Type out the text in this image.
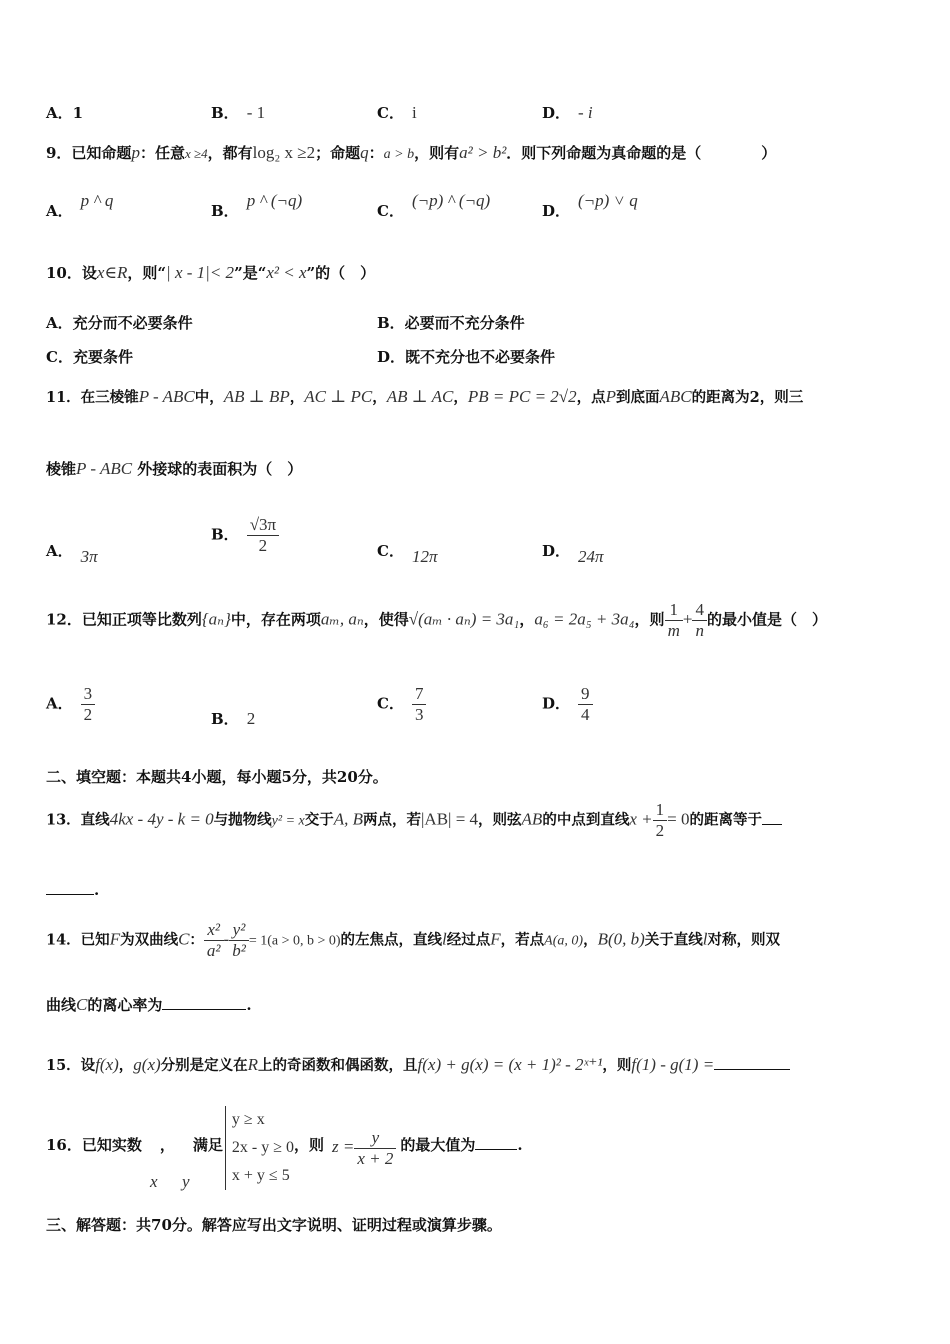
A．1	B． - 1	C． i	D． - i
9．已知命题p：任意x ≥4，都有log₂ x ≥2；命题q：a > b，则有a² > b²．则下列命题为真命题的是（　　　　）
A．p ^ q
B．p ^ (¬q)
C．(¬p) ^ (¬q)
D．(¬p) ˅ q
10．设x∈R，则“| x - 1|< 2”是“x² < x”的（　）
A．充分而不必要条件	B．必要而不充分条件
C．充要条件	D．既不充分也不必要条件
11．在三棱锥P - ABC中，AB ⊥ BP，AC ⊥ PC，AB ⊥ AC，PB = PC = 2√2，点P到底面ABC的距离为2，则三
棱锥P - ABC 外接球的表面积为（　）
A． 3π
B． $\frac{√3\pi}{2}$	C． 12π	D． 24π
12．已知正项等比数列{aₙ}中，存在两项aₘ, aₙ，使得√(aₘ · aₙ) = 3a₁，a₆ = 2a₅ + 3a₄，则 $\frac{1}{m} + \frac{4}{n}$ 的最小值是（　）
A． $\frac{3}{2}$	B． 2
C． $\frac{7}{3}$	D． $\frac{9}{4}$
二、填空题：本题共4小题，每小题5分，共20分。
13．直线4kx - 4y - k = 0与抛物线y² = x交于A, B两点，若|AB| = 4，则弦AB的中点到直线$x + \frac{1}{2} = 0$的距离等于
.
14．已知F为双曲线C： $\frac{\text{x²}}{\text{a²}} - \frac{\text{y²}}{\text{b²}} = 1(a > 0$, b > 0)的左焦点，直线l经过点F，若点A(a, 0)，B(0, b)关于直线l对称，则双
曲线C的离心率为	.
15．设f(x)，g(x)分别是定义在R上的奇函数和偶函数，且f(x) + g(x) = (x + 1)² - 2ˣ⁺¹，则f(1) - g(1) =
16．已知实数 ， 满足
y ≥ x
2x - y ≥ 0
x + y ≤ 5
，则 $z = \frac{y}{x + 2}$ 的最大值为	.
x y
三、解答题：共70分。解答应写出文字说明、证明过程或演算步骤。
